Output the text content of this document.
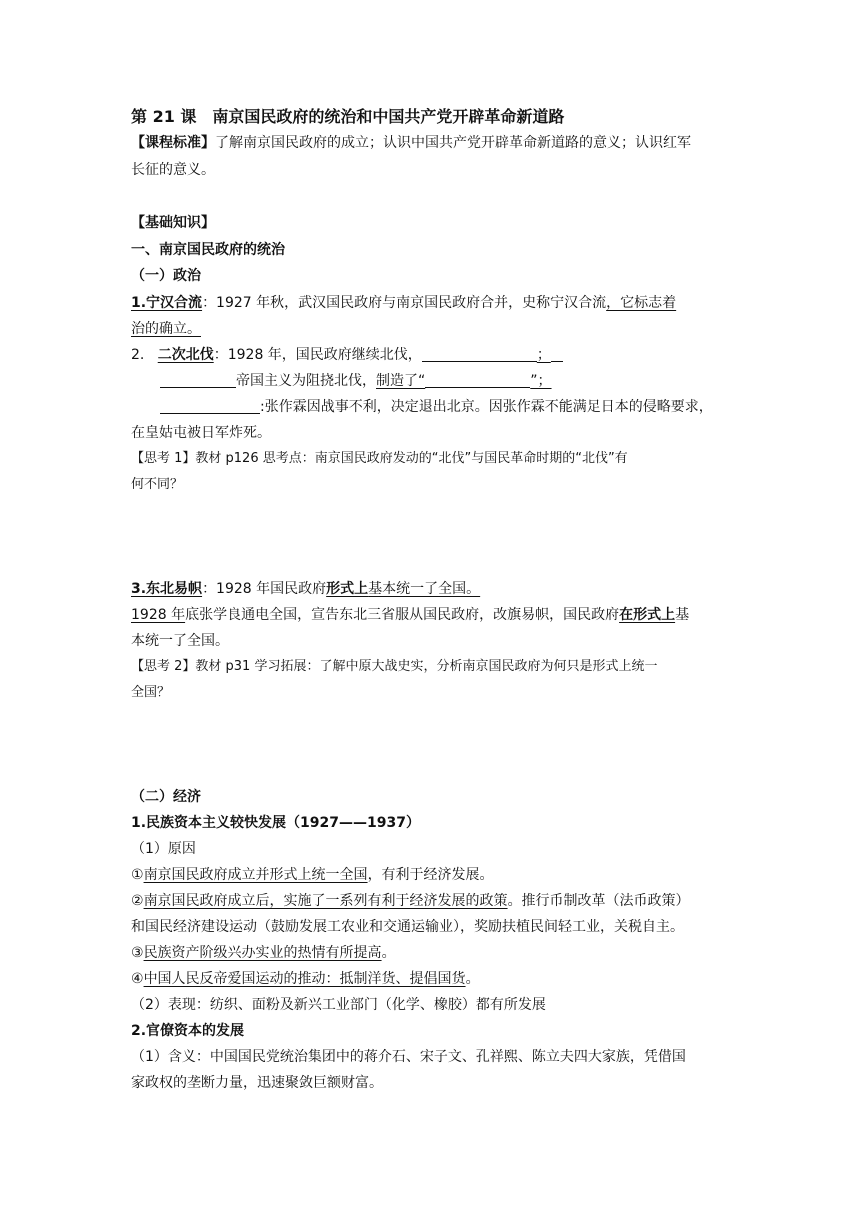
第 21 课　南京国民政府的统治和中国共产党开辟革命新道路
【课程标准】了解南京国民政府的成立；认识中国共产党开辟革命新道路的意义；认识红军
长征的意义。
【基础知识】
一、南京国民政府的统治
（一）政治
1.宁汉合流：1927 年秋，武汉国民政府与南京国民政府合并，史称宁汉合流，它标志着
治的确立。
2. 二次北伐：1928 年，国民政府继续北伐，	；
帝国主义为阻挠北伐，制造了“	”；
:张作霖因战事不利，决定退出北京。因张作霖不能满足日本的侵略要求，
在皇姑屯被日军炸死。
【思考 1】教材 p126 思考点：南京国民政府发动的“北伐”与国民革命时期的“北伐”有
何不同？
3.东北易帜：1928 年国民政府形式上基本统一了全国。
1928 年底张学良通电全国，宣告东北三省服从国民政府，改旗易帜，国民政府在形式上基
本统一了全国。
【思考 2】教材 p31 学习拓展：了解中原大战史实，分析南京国民政府为何只是形式上统一
全国？
（二）经济
1.民族资本主义较快发展（1927——1937）
（1）原因
①南京国民政府成立并形式上统一全国，有利于经济发展。
②南京国民政府成立后，实施了一系列有利于经济发展的政策。推行币制改革（法币政策）
和国民经济建设运动（鼓励发展工农业和交通运输业），奖励扶植民间轻工业，关税自主。
③民族资产阶级兴办实业的热情有所提高。
④中国人民反帝爱国运动的推动：抵制洋货、提倡国货。
（2）表现：纺织、面粉及新兴工业部门（化学、橡胶）都有所发展
2.官僚资本的发展
（1）含义：中国国民党统治集团中的蒋介石、宋子文、孔祥熙、陈立夫四大家族，凭借国
家政权的垄断力量，迅速聚敛巨额财富。
